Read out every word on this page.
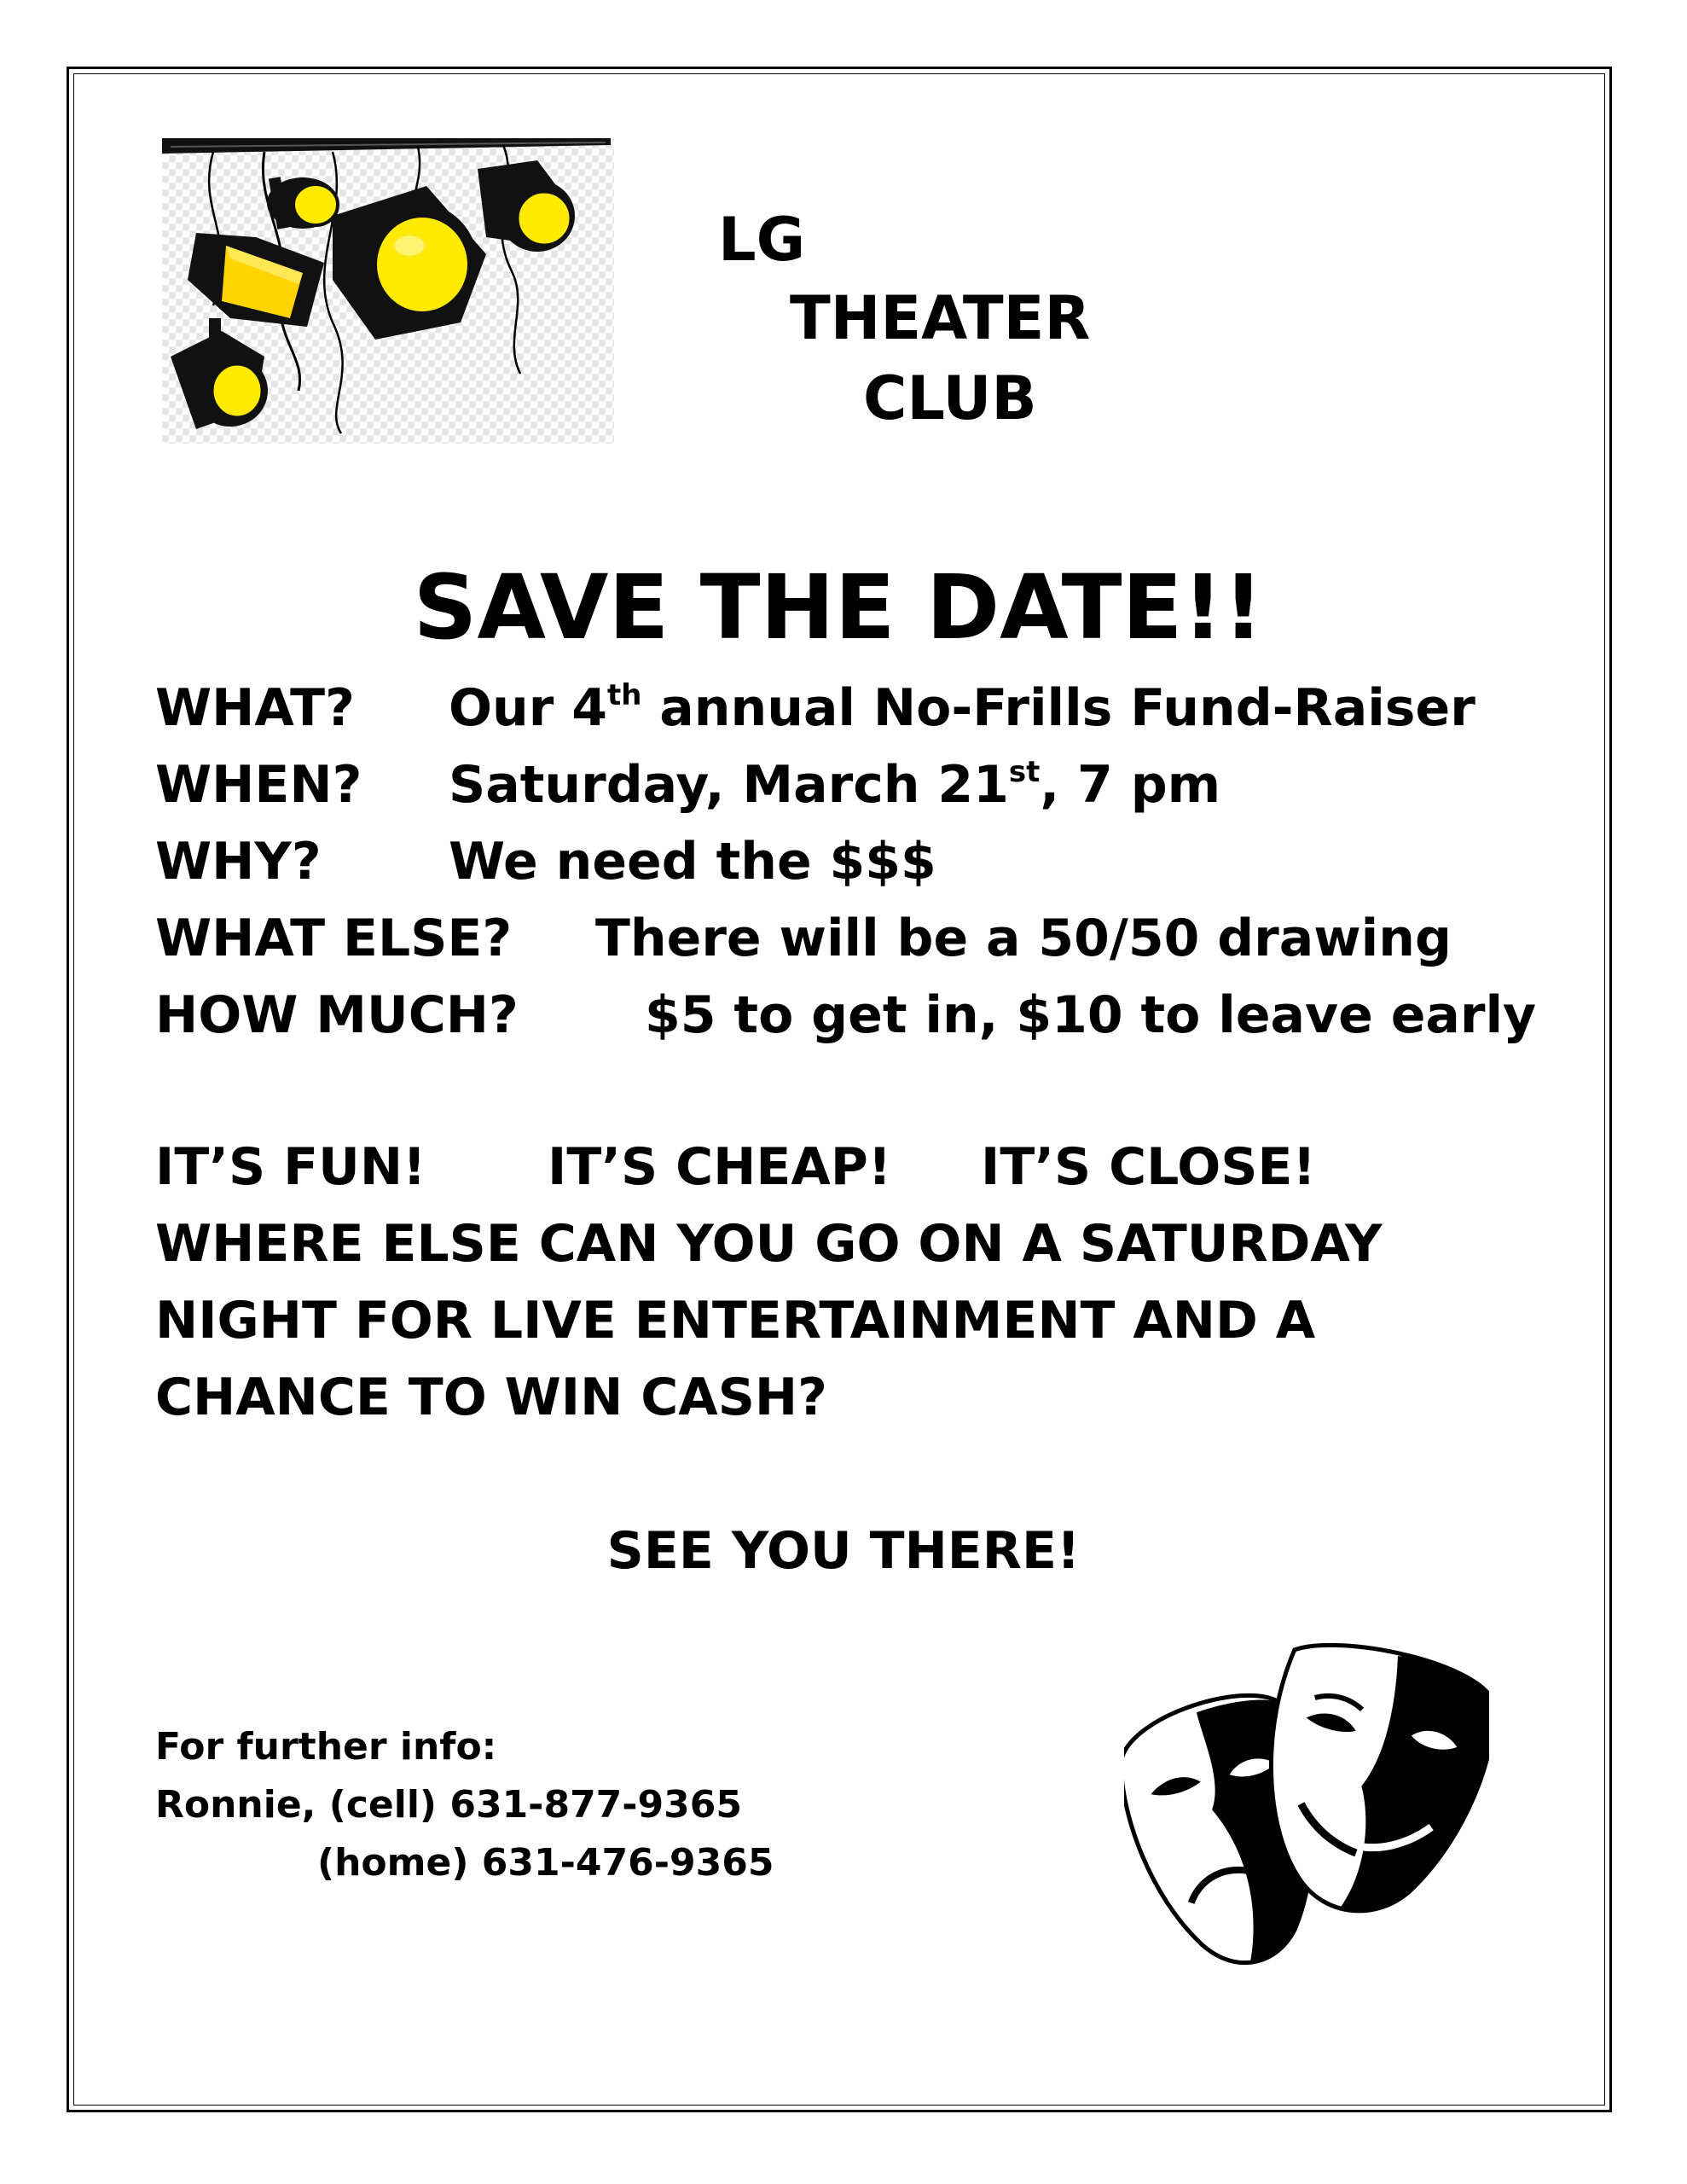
LG
THEATER
CLUB
SAVE THE DATE!!
WHAT? Our 4th annual No-Frills Fund-Raiser
WHEN? Saturday, March 21st, 7 pm
WHY? We need the $$$
WHAT ELSE? There will be a 50/50 drawing
HOW MUCH? $5 to get in, $10 to leave early
IT’S FUN! IT’S CHEAP! IT’S CLOSE!
WHERE ELSE CAN YOU GO ON A SATURDAY
NIGHT FOR LIVE ENTERTAINMENT AND A
CHANCE TO WIN CASH?
SEE YOU THERE!
For further info:
Ronnie, (cell) 631-877-9365
(home) 631-476-9365
